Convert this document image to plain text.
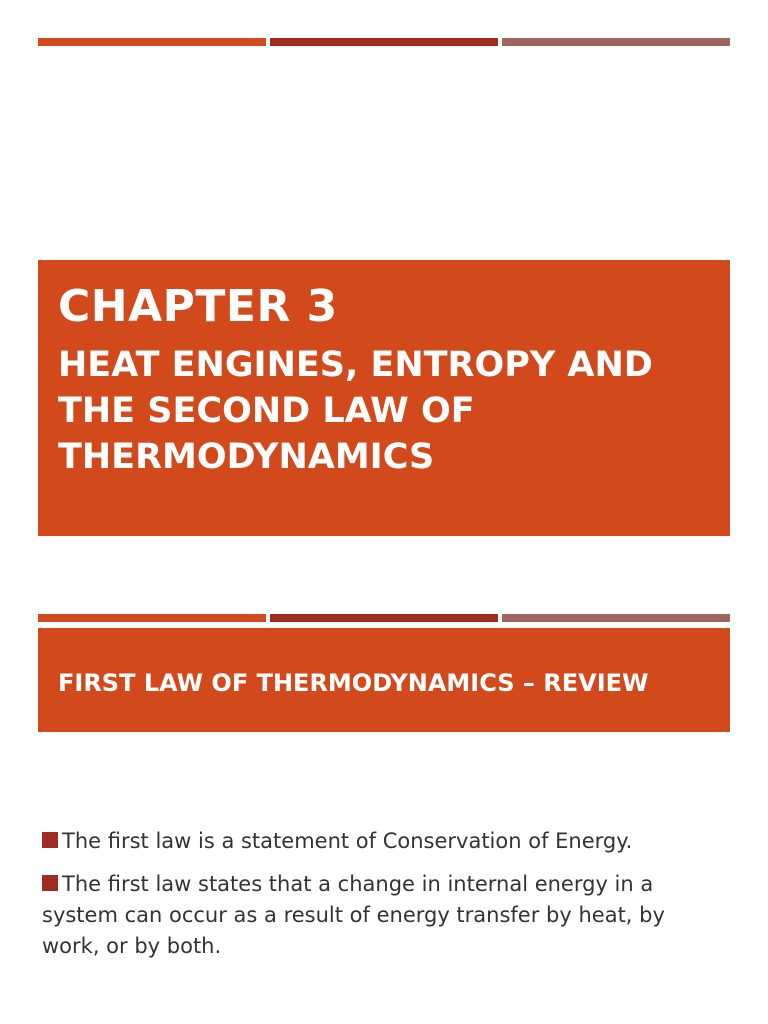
CHAPTER 3
HEAT ENGINES, ENTROPY AND THE SECOND LAW OF THERMODYNAMICS
FIRST LAW OF THERMODYNAMICS – REVIEW
The first law is a statement of Conservation of Energy.
The first law states that a change in internal energy in a system can occur as a result of energy transfer by heat, by work, or by both.
